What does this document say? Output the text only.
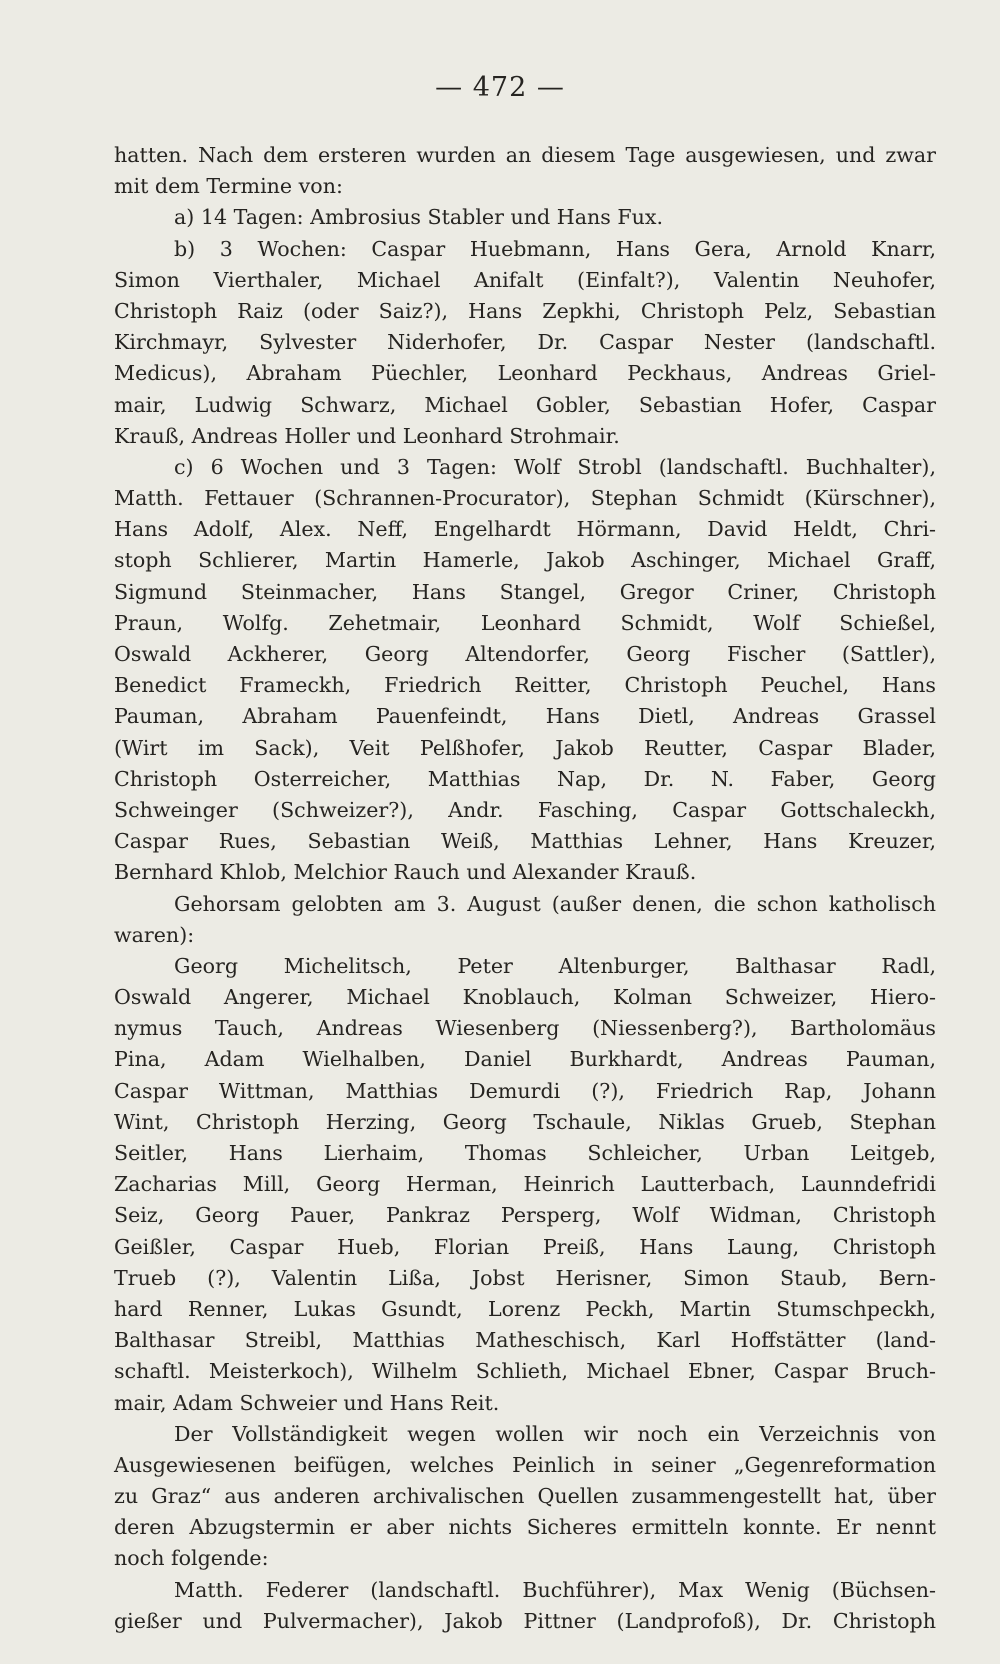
— 472 —
hatten. Nach dem ersteren wurden an diesem Tage ausgewiesen, und zwar
mit dem Termine von:
a) 14 Tagen: Ambrosius Stabler und Hans Fux.
b) 3 Wochen: Caspar Huebmann, Hans Gera, Arnold Knarr,
Simon Vierthaler, Michael Anifalt (Einfalt?), Valentin Neuhofer,
Christoph Raiz (oder Saiz?), Hans Zepkhi, Christoph Pelz, Sebastian
Kirchmayr, Sylvester Niderhofer, Dr. Caspar Nester (landschaftl.
Medicus), Abraham Püechler, Leonhard Peckhaus, Andreas Griel-
mair, Ludwig Schwarz, Michael Gobler, Sebastian Hofer, Caspar
Krauß, Andreas Holler und Leonhard Strohmair.
c) 6 Wochen und 3 Tagen: Wolf Strobl (landschaftl. Buchhalter),
Matth. Fettauer (Schrannen-Procurator), Stephan Schmidt (Kürschner),
Hans Adolf, Alex. Neff, Engelhardt Hörmann, David Heldt, Chri-
stoph Schlierer, Martin Hamerle, Jakob Aschinger, Michael Graff,
Sigmund Steinmacher, Hans Stangel, Gregor Criner, Christoph
Praun, Wolfg. Zehetmair, Leonhard Schmidt, Wolf Schießel,
Oswald Ackherer, Georg Altendorfer, Georg Fischer (Sattler),
Benedict Frameckh, Friedrich Reitter, Christoph Peuchel, Hans
Pauman, Abraham Pauenfeindt, Hans Dietl, Andreas Grassel
(Wirt im Sack), Veit Pelßhofer, Jakob Reutter, Caspar Blader,
Christoph Osterreicher, Matthias Nap, Dr. N. Faber, Georg
Schweinger (Schweizer?), Andr. Fasching, Caspar Gottschaleckh,
Caspar Rues, Sebastian Weiß, Matthias Lehner, Hans Kreuzer,
Bernhard Khlob, Melchior Rauch und Alexander Krauß.
Gehorsam gelobten am 3. August (außer denen, die schon katholisch
waren):
Georg Michelitsch, Peter Altenburger, Balthasar Radl,
Oswald Angerer, Michael Knoblauch, Kolman Schweizer, Hiero-
nymus Tauch, Andreas Wiesenberg (Niessenberg?), Bartholomäus
Pina, Adam Wielhalben, Daniel Burkhardt, Andreas Pauman,
Caspar Wittman, Matthias Demurdi (?), Friedrich Rap, Johann
Wint, Christoph Herzing, Georg Tschaule, Niklas Grueb, Stephan
Seitler, Hans Lierhaim, Thomas Schleicher, Urban Leitgeb,
Zacharias Mill, Georg Herman, Heinrich Lautterbach, Launndefridi
Seiz, Georg Pauer, Pankraz Persperg, Wolf Widman, Christoph
Geißler, Caspar Hueb, Florian Preiß, Hans Laung, Christoph
Trueb (?), Valentin Lißa, Jobst Herisner, Simon Staub, Bern-
hard Renner, Lukas Gsundt, Lorenz Peckh, Martin Stumschpeckh,
Balthasar Streibl, Matthias Matheschisch, Karl Hoffstätter (land-
schaftl. Meisterkoch), Wilhelm Schlieth, Michael Ebner, Caspar Bruch-
mair, Adam Schweier und Hans Reit.
Der Vollständigkeit wegen wollen wir noch ein Verzeichnis von
Ausgewiesenen beifügen, welches Peinlich in seiner „Gegenreformation
zu Graz“ aus anderen archivalischen Quellen zusammengestellt hat, über
deren Abzugstermin er aber nichts Sicheres ermitteln konnte. Er nennt
noch folgende:
Matth. Federer (landschaftl. Buchführer), Max Wenig (Büchsen-
gießer und Pulvermacher), Jakob Pittner (Landprofoß), Dr. Christoph
